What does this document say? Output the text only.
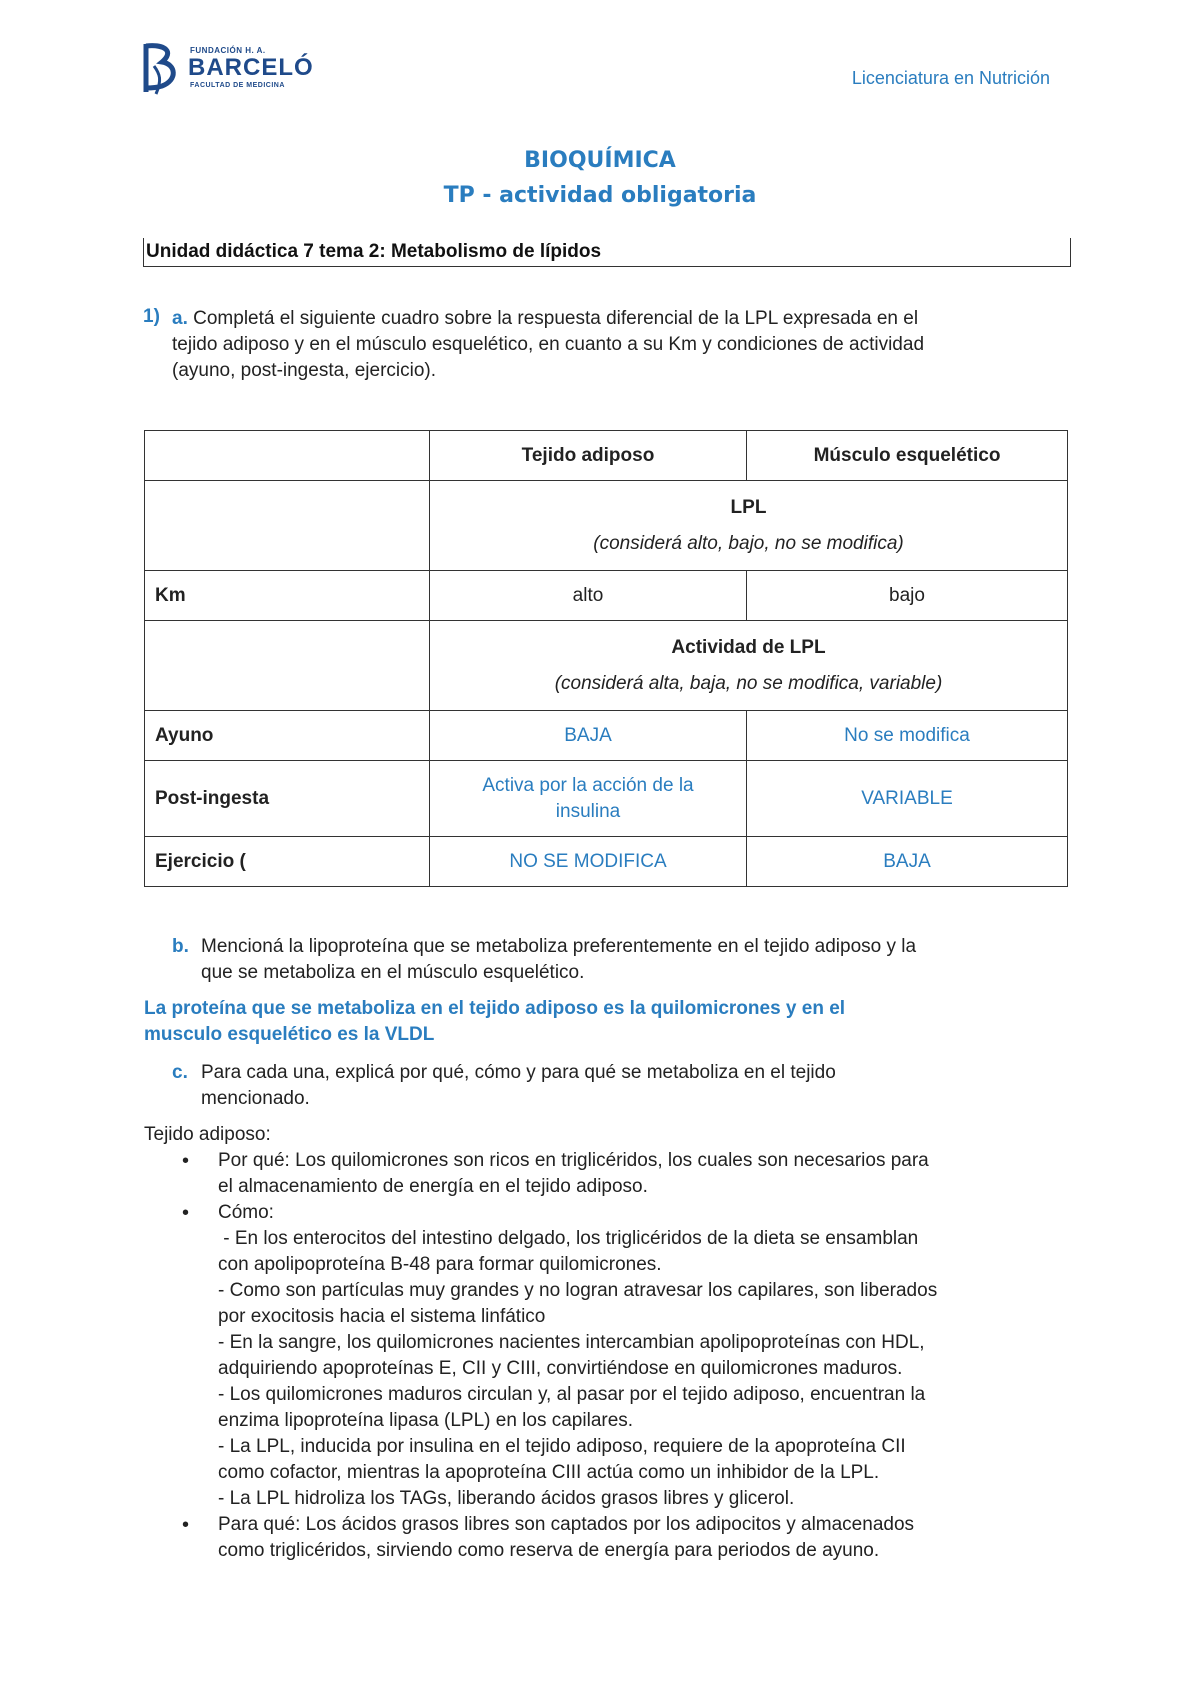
FUNDACIÓN H. A.
BARCELÓ
FACULTAD DE MEDICINA	Licenciatura en Nutrición
BIOQUÍMICA
TP - actividad obligatoria
Unidad didáctica 7 tema 2: Metabolismo de lípidos
1) a. Completá el siguiente cuadro sobre la respuesta diferencial de la LPL expresada en el
tejido adiposo y en el músculo esquelético, en cuanto a su Km y condiciones de actividad
(ayuno, post-ingesta, ejercicio).
	Tejido adiposo	Músculo esquelético

	LPL
(considerá alto, bajo, no se modifica)	

Km	alto	bajo

	Actividad de LPL
(considerá alta, baja, no se modifica, variable)	

Ayuno	BAJA	No se modifica
Post-ingesta	Activa por la acción de la
insulina	VARIABLE
Ejercicio (	NO SE MODIFICA	BAJA
b. Mencioná la lipoproteína que se metaboliza preferentemente en el tejido adiposo y la
que se metaboliza en el músculo esquelético.
La proteína que se metaboliza en el tejido adiposo es la quilomicrones y en el
musculo esquelético es la VLDL
c. Para cada una, explicá por qué, cómo y para qué se metaboliza en el tejido
mencionado.
Tejido adiposo:
• Por qué: Los quilomicrones son ricos en triglicéridos, los cuales son necesarios para
el almacenamiento de energía en el tejido adiposo.
• Cómo:
- En los enterocitos del intestino delgado, los triglicéridos de la dieta se ensamblan
con apolipoproteína B-48 para formar quilomicrones.
- Como son partículas muy grandes y no logran atravesar los capilares, son liberados
por exocitosis hacia el sistema linfático
- En la sangre, los quilomicrones nacientes intercambian apolipoproteínas con HDL,
adquiriendo apoproteínas E, CII y CIII, convirtiéndose en quilomicrones maduros.
- Los quilomicrones maduros circulan y, al pasar por el tejido adiposo, encuentran la
enzima lipoproteína lipasa (LPL) en los capilares.
- La LPL, inducida por insulina en el tejido adiposo, requiere de la apoproteína CII
como cofactor, mientras la apoproteína CIII actúa como un inhibidor de la LPL.
- La LPL hidroliza los TAGs, liberando ácidos grasos libres y glicerol.
• Para qué: Los ácidos grasos libres son captados por los adipocitos y almacenados
como triglicéridos, sirviendo como reserva de energía para periodos de ayuno.
